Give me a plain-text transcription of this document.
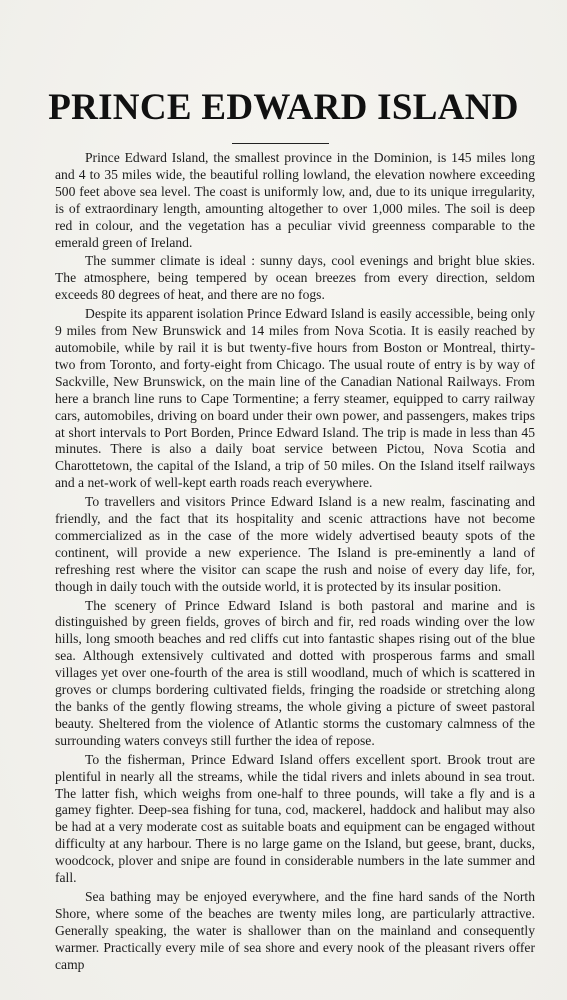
PRINCE EDWARD ISLAND

Prince Edward Island, the smallest province in the Dominion, is 145 miles long and 4 to 35 miles wide, the beautiful rolling lowland, the elevation nowhere exceeding 500 feet above sea level. The coast is uniformly low, and, due to its unique irregularity, is of extraordinary length, amounting altogether to over 1,000 miles. The soil is deep red in colour, and the vegetation has a peculiar vivid greenness comparable to the emerald green of Ireland.

The summer climate is ideal : sunny days, cool evenings and bright blue skies. The atmosphere, being tempered by ocean breezes from every direction, seldom exceeds 80 degrees of heat, and there are no fogs.

Despite its apparent isolation Prince Edward Island is easily accessible, being only 9 miles from New Brunswick and 14 miles from Nova Scotia. It is easily reached by automobile, while by rail it is but twenty-five hours from Boston or Montreal, thirty-two from Toronto, and forty-eight from Chicago. The usual route of entry is by way of Sackville, New Brunswick, on the main line of the Canadian National Railways. From here a branch line runs to Cape Tormentine; a ferry steamer, equipped to carry railway cars, automobiles, driving on board under their own power, and passengers, makes trips at short intervals to Port Borden, Prince Edward Island. The trip is made in less than 45 minutes. There is also a daily boat service between Pictou, Nova Scotia and Charottetown, the capital of the Island, a trip of 50 miles. On the Island itself railways and a net-work of well-kept earth roads reach everywhere.

To travellers and visitors Prince Edward Island is a new realm, fascinating and friendly, and the fact that its hospitality and scenic attractions have not become commercialized as in the case of the more widely advertised beauty spots of the continent, will provide a new experience. The Island is pre-eminently a land of refreshing rest where the visitor can scape the rush and noise of every day life, for, though in daily touch with the outside world, it is protected by its insular position.

The scenery of Prince Edward Island is both pastoral and marine and is distinguished by green fields, groves of birch and fir, red roads winding over the low hills, long smooth beaches and red cliffs cut into fantastic shapes rising out of the blue sea. Although extensively cultivated and dotted with prosperous farms and small villages yet over one-fourth of the area is still woodland, much of which is scattered in groves or clumps bordering cultivated fields, fringing the roadside or stretching along the banks of the gently flowing streams, the whole giving a picture of sweet pastoral beauty. Sheltered from the violence of Atlantic storms the customary calmness of the surrounding waters conveys still further the idea of repose.

To the fisherman, Prince Edward Island offers excellent sport. Brook trout are plentiful in nearly all the streams, while the tidal rivers and inlets abound in sea trout. The latter fish, which weighs from one-half to three pounds, will take a fly and is a gamey fighter. Deep-sea fishing for tuna, cod, mackerel, haddock and halibut may also be had at a very moderate cost as suitable boats and equipment can be engaged without difficulty at any harbour. There is no large game on the Island, but geese, brant, ducks, woodcock, plover and snipe are found in considerable numbers in the late summer and fall.

Sea bathing may be enjoyed everywhere, and the fine hard sands of the North Shore, where some of the beaches are twenty miles long, are particularly attractive. Generally speaking, the water is shallower than on the mainland and consequently warmer. Practically every mile of sea shore and every nook of the pleasant rivers offer camp
